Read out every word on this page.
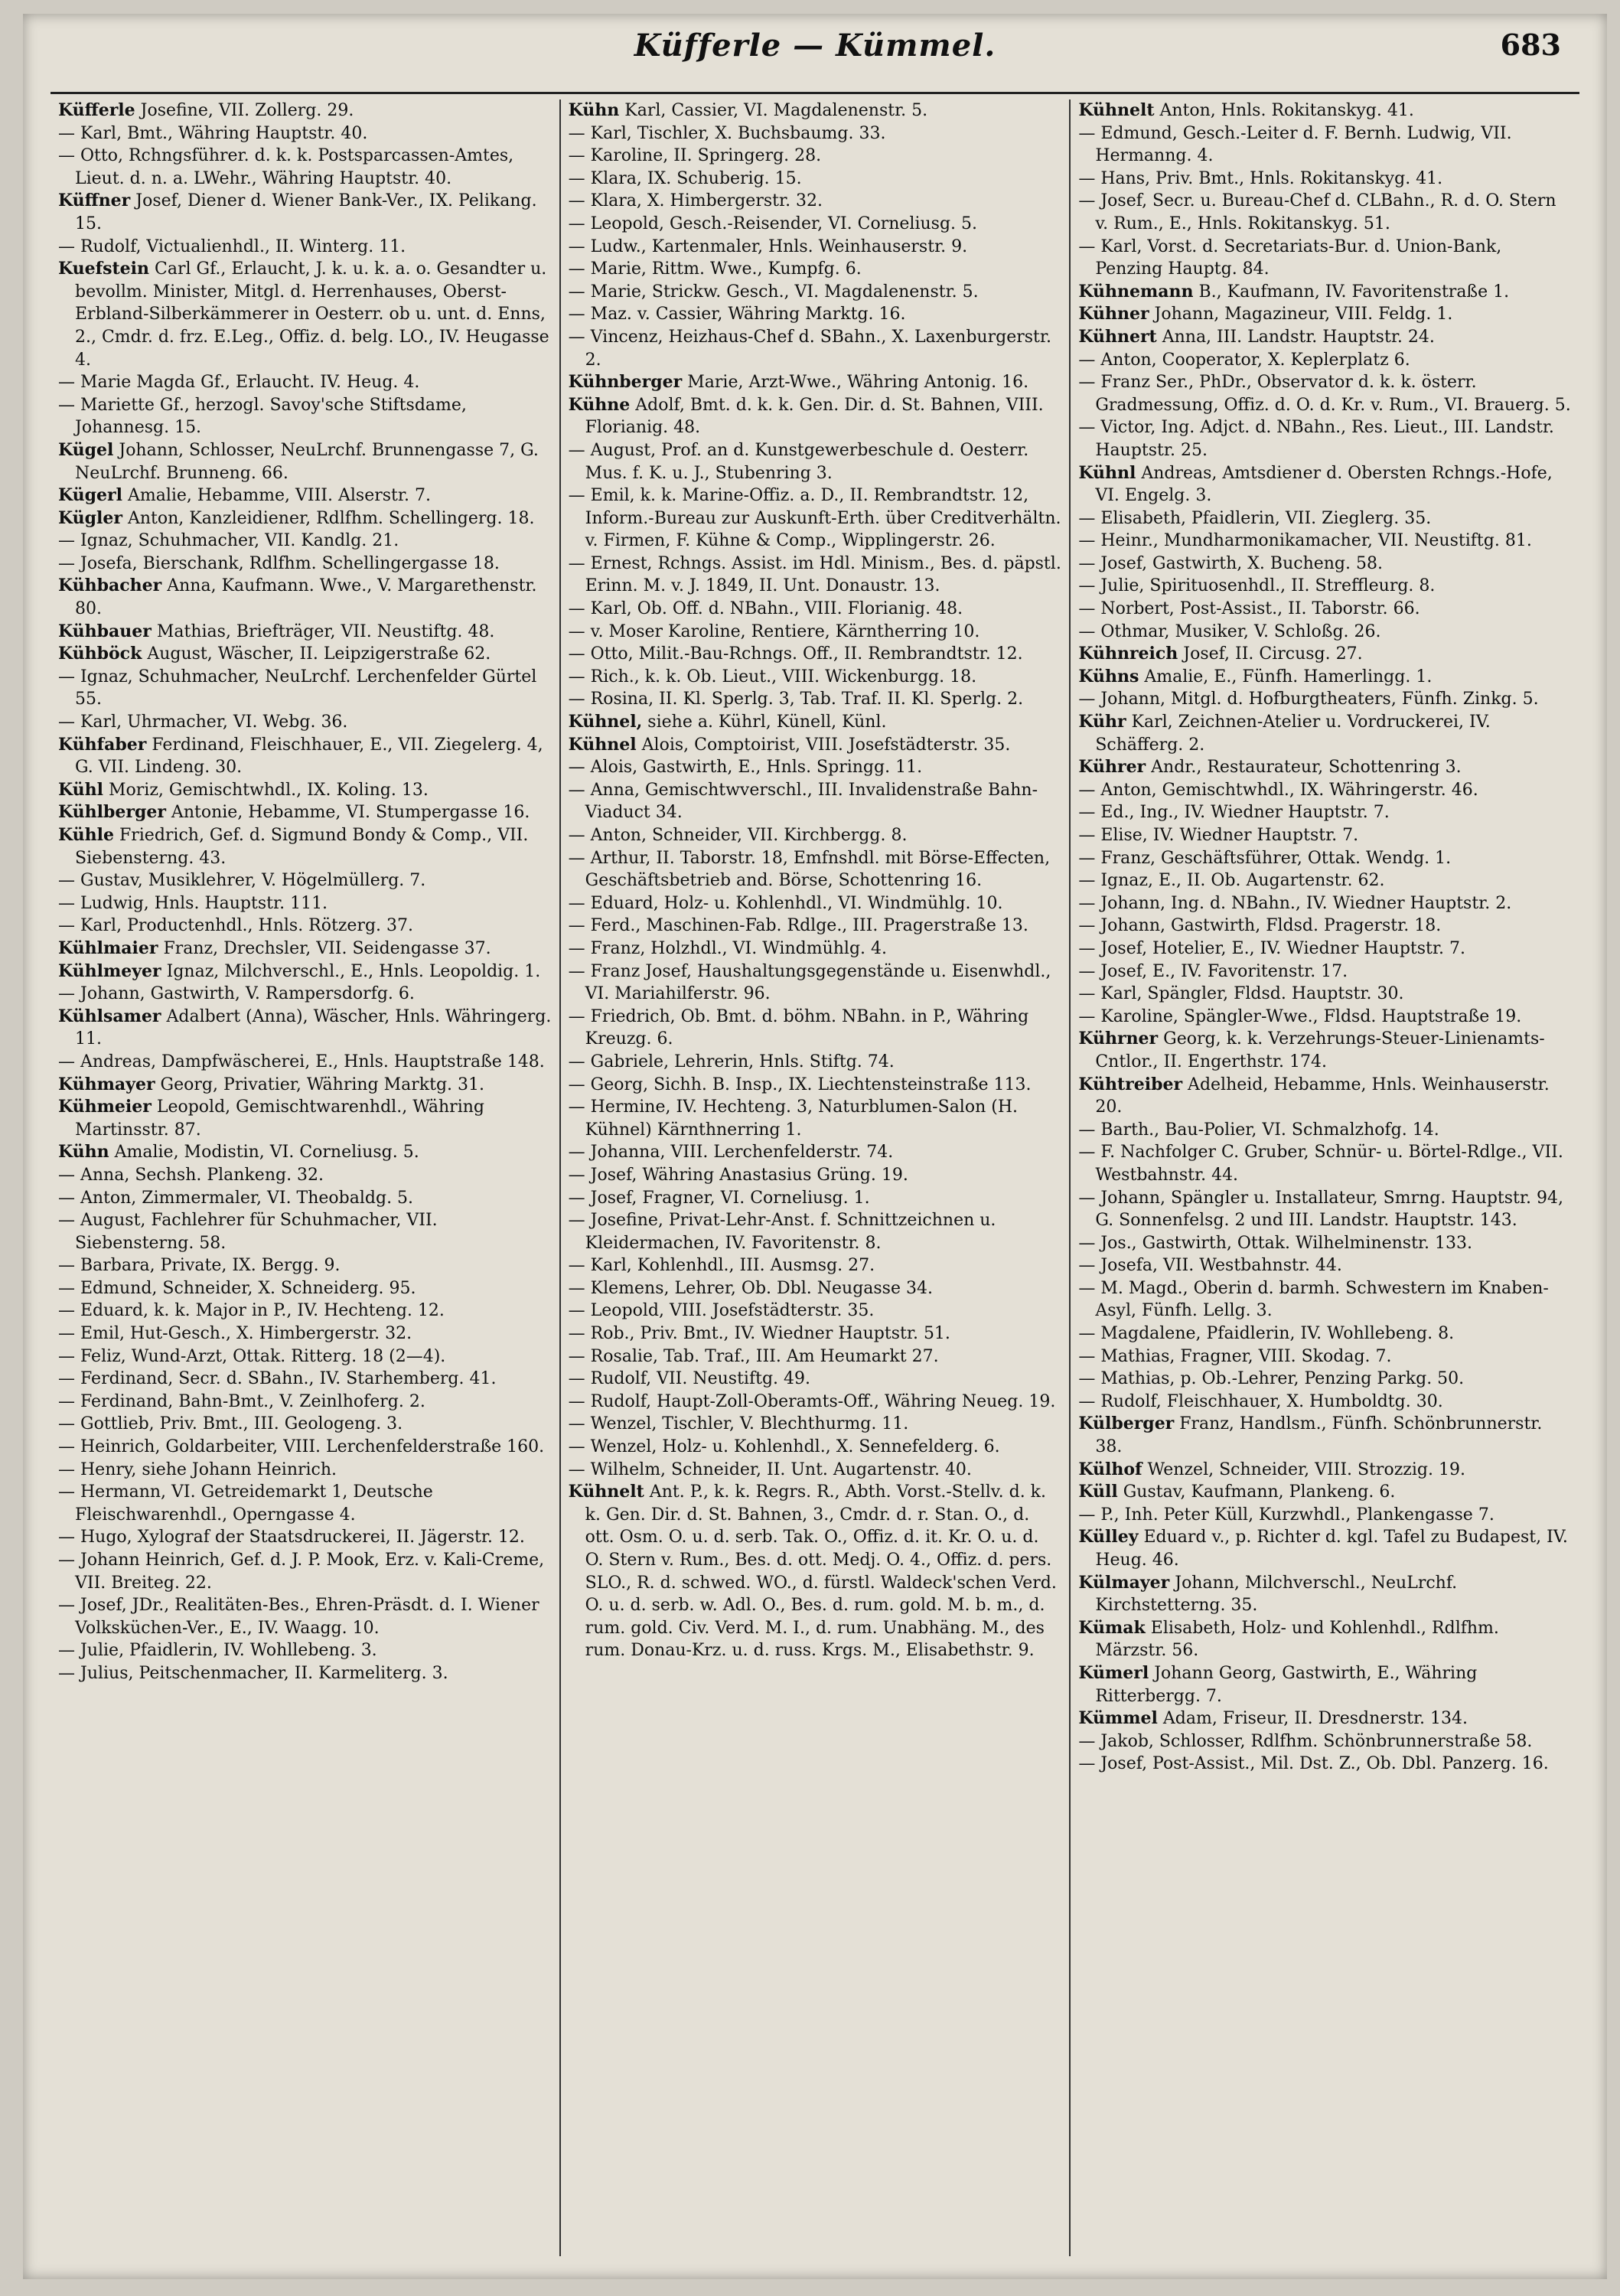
Küfferle — Kümmel.	683

Küfferle Josefine, VII. Zollerg. 29.

— Karl, Bmt., Währing Hauptstr. 40.

— Otto, Rchngsführer. d. k. k. Postsparcassen-Amtes, Lieut. d. n. a. LWehr., Währing Hauptstr. 40.

Küffner Josef, Diener d. Wiener Bank-Ver., IX. Pelikang. 15.

— Rudolf, Victualienhdl., II. Winterg. 11.

Kuefstein Carl Gf., Erlaucht, J. k. u. k. a. o. Gesandter u. bevollm. Minister, Mitgl. d. Herrenhauses, Oberst-Erbland-Silberkämmerer in Oesterr. ob u. unt. d. Enns, 2., Cmdr. d. frz. E.Leg., Offiz. d. belg. LO., IV. Heugasse 4.

— Marie Magda Gf., Erlaucht. IV. Heug. 4.

— Mariette Gf., herzogl. Savoy'sche Stiftsdame, Johannesg. 15.

Kügel Johann, Schlosser, NeuLrchf. Brunnengasse 7, G. NeuLrchf. Brunneng. 66.

Kügerl Amalie, Hebamme, VIII. Alserstr. 7.

Kügler Anton, Kanzleidiener, Rdlfhm. Schellingerg. 18.

— Ignaz, Schuhmacher, VII. Kandlg. 21.

— Josefa, Bierschank, Rdlfhm. Schellingergasse 18.

Kühbacher Anna, Kaufmann. Wwe., V. Margarethenstr. 80.

Kühbauer Mathias, Briefträger, VII. Neustiftg. 48.

Kühböck August, Wäscher, II. Leipzigerstraße 62.

— Ignaz, Schuhmacher, NeuLrchf. Lerchenfelder Gürtel 55.

— Karl, Uhrmacher, VI. Webg. 36.

Kühfaber Ferdinand, Fleischhauer, E., VII. Ziegelerg. 4, G. VII. Lindeng. 30.

Kühl Moriz, Gemischtwhdl., IX. Koling. 13.

Kühlberger Antonie, Hebamme, VI. Stumpergasse 16.

Kühle Friedrich, Gef. d. Sigmund Bondy & Comp., VII. Siebensterng. 43.

— Gustav, Musiklehrer, V. Högelmüllerg. 7.

— Ludwig, Hnls. Hauptstr. 111.

— Karl, Productenhdl., Hnls. Rötzerg. 37.

Kühlmaier Franz, Drechsler, VII. Seidengasse 37.

Kühlmeyer Ignaz, Milchverschl., E., Hnls. Leopoldig. 1.

— Johann, Gastwirth, V. Rampersdorfg. 6.

Kühlsamer Adalbert (Anna), Wäscher, Hnls. Währingerg. 11.

— Andreas, Dampfwäscherei, E., Hnls. Hauptstraße 148.

Kühmayer Georg, Privatier, Währing Marktg. 31.

Kühmeier Leopold, Gemischtwarenhdl., Währing Martinsstr. 87.

Kühn Amalie, Modistin, VI. Corneliusg. 5.

— Anna, Sechsh. Plankeng. 32.

— Anton, Zimmermaler, VI. Theobaldg. 5.

— August, Fachlehrer für Schuhmacher, VII. Siebensterng. 58.

— Barbara, Private, IX. Bergg. 9.

— Edmund, Schneider, X. Schneiderg. 95.

— Eduard, k. k. Major in P., IV. Hechteng. 12.

— Emil, Hut-Gesch., X. Himbergerstr. 32.

— Feliz, Wund-Arzt, Ottak. Ritterg. 18 (2—4).

— Ferdinand, Secr. d. SBahn., IV. Starhemberg. 41.

— Ferdinand, Bahn-Bmt., V. Zeinlhoferg. 2.

— Gottlieb, Priv. Bmt., III. Geologeng. 3.

— Heinrich, Goldarbeiter, VIII. Lerchenfelderstraße 160.

— Henry, siehe Johann Heinrich.

— Hermann, VI. Getreidemarkt 1, Deutsche Fleischwarenhdl., Operngasse 4.

— Hugo, Xylograf der Staatsdruckerei, II. Jägerstr. 12.

— Johann Heinrich, Gef. d. J. P. Mook, Erz. v. Kali-Creme, VII. Breiteg. 22.

— Josef, JDr., Realitäten-Bes., Ehren-Präsdt. d. I. Wiener Volksküchen-Ver., E., IV. Waagg. 10.

— Julie, Pfaidlerin, IV. Wohllebeng. 3.

— Julius, Peitschenmacher, II. Karmeliterg. 3.

Kühn Karl, Cassier, VI. Magdalenenstr. 5.

— Karl, Tischler, X. Buchsbaumg. 33.

— Karoline, II. Springerg. 28.

— Klara, IX. Schuberig. 15.

— Klara, X. Himbergerstr. 32.

— Leopold, Gesch.-Reisender, VI. Corneliusg. 5.

— Ludw., Kartenmaler, Hnls. Weinhauserstr. 9.

— Marie, Rittm. Wwe., Kumpfg. 6.

— Marie, Strickw. Gesch., VI. Magdalenenstr. 5.

— Maz. v. Cassier, Währing Marktg. 16.

— Vincenz, Heizhaus-Chef d. SBahn., X. Laxenburgerstr. 2.

Kühnberger Marie, Arzt-Wwe., Währing Antonig. 16.

Kühne Adolf, Bmt. d. k. k. Gen. Dir. d. St. Bahnen, VIII. Florianig. 48.

— August, Prof. an d. Kunstgewerbeschule d. Oesterr. Mus. f. K. u. J., Stubenring 3.

— Emil, k. k. Marine-Offiz. a. D., II. Rembrandtstr. 12, Inform.-Bureau zur Auskunft-Erth. über Creditverhältn. v. Firmen, F. Kühne & Comp., Wipplingerstr. 26.

— Ernest, Rchngs. Assist. im Hdl. Minism., Bes. d. päpstl. Erinn. M. v. J. 1849, II. Unt. Donaustr. 13.

— Karl, Ob. Off. d. NBahn., VIII. Florianig. 48.

— v. Moser Karoline, Rentiere, Kärntherring 10.

— Otto, Milit.-Bau-Rchngs. Off., II. Rembrandtstr. 12.

— Rich., k. k. Ob. Lieut., VIII. Wickenburgg. 18.

— Rosina, II. Kl. Sperlg. 3, Tab. Traf. II. Kl. Sperlg. 2.

Kühnel, siehe a. Kührl, Künell, Künl.

Kühnel Alois, Comptoirist, VIII. Josefstädterstr. 35.

— Alois, Gastwirth, E., Hnls. Springg. 11.

— Anna, Gemischtwverschl., III. Invalidenstraße Bahn-Viaduct 34.

— Anton, Schneider, VII. Kirchbergg. 8.

— Arthur, II. Taborstr. 18, Emfnshdl. mit Börse-Effecten, Geschäftsbetrieb and. Börse, Schottenring 16.

— Eduard, Holz- u. Kohlenhdl., VI. Windmühlg. 10.

— Ferd., Maschinen-Fab. Rdlge., III. Pragerstraße 13.

— Franz, Holzhdl., VI. Windmühlg. 4.

— Franz Josef, Haushaltungsgegenstände u. Eisenwhdl., VI. Mariahilferstr. 96.

— Friedrich, Ob. Bmt. d. böhm. NBahn. in P., Währing Kreuzg. 6.

— Gabriele, Lehrerin, Hnls. Stiftg. 74.

— Georg, Sichh. B. Insp., IX. Liechtensteinstraße 113.

— Hermine, IV. Hechteng. 3, Naturblumen-Salon (H. Kühnel) Kärnthnerring 1.

— Johanna, VIII. Lerchenfelderstr. 74.

— Josef, Währing Anastasius Grüng. 19.

— Josef, Fragner, VI. Corneliusg. 1.

— Josefine, Privat-Lehr-Anst. f. Schnittzeichnen u. Kleidermachen, IV. Favoritenstr. 8.

— Karl, Kohlenhdl., III. Ausmsg. 27.

— Klemens, Lehrer, Ob. Dbl. Neugasse 34.

— Leopold, VIII. Josefstädterstr. 35.

— Rob., Priv. Bmt., IV. Wiedner Hauptstr. 51.

— Rosalie, Tab. Traf., III. Am Heumarkt 27.

— Rudolf, VII. Neustiftg. 49.

— Rudolf, Haupt-Zoll-Oberamts-Off., Währing Neueg. 19.

— Wenzel, Tischler, V. Blechthurmg. 11.

— Wenzel, Holz- u. Kohlenhdl., X. Sennefelderg. 6.

— Wilhelm, Schneider, II. Unt. Augartenstr. 40.

Kühnelt Ant. P., k. k. Regrs. R., Abth. Vorst.-Stellv. d. k. k. Gen. Dir. d. St. Bahnen, 3., Cmdr. d. r. Stan. O., d. ott. Osm. O. u. d. serb. Tak. O., Offiz. d. it. Kr. O. u. d. O. Stern v. Rum., Bes. d. ott. Medj. O. 4., Offiz. d. pers. SLO., R. d. schwed. WO., d. fürstl. Waldeck'schen Verd. O. u. d. serb. w. Adl. O., Bes. d. rum. gold. M. b. m., d. rum. gold. Civ. Verd. M. I., d. rum. Unabhäng. M., des rum. Donau-Krz. u. d. russ. Krgs. M., Elisabethstr. 9.

Kühnelt Anton, Hnls. Rokitanskyg. 41.

— Edmund, Gesch.-Leiter d. F. Bernh. Ludwig, VII. Hermanng. 4.

— Hans, Priv. Bmt., Hnls. Rokitanskyg. 41.

— Josef, Secr. u. Bureau-Chef d. CLBahn., R. d. O. Stern v. Rum., E., Hnls. Rokitanskyg. 51.

— Karl, Vorst. d. Secretariats-Bur. d. Union-Bank, Penzing Hauptg. 84.

Kühnemann B., Kaufmann, IV. Favoritenstraße 1.

Kühner Johann, Magazineur, VIII. Feldg. 1.

Kühnert Anna, III. Landstr. Hauptstr. 24.

— Anton, Cooperator, X. Keplerplatz 6.

— Franz Ser., PhDr., Observator d. k. k. österr. Gradmessung, Offiz. d. O. d. Kr. v. Rum., VI. Brauerg. 5.

— Victor, Ing. Adjct. d. NBahn., Res. Lieut., III. Landstr. Hauptstr. 25.

Kühnl Andreas, Amtsdiener d. Obersten Rchngs.-Hofe, VI. Engelg. 3.

— Elisabeth, Pfaidlerin, VII. Zieglerg. 35.

— Heinr., Mundharmonikamacher, VII. Neustiftg. 81.

— Josef, Gastwirth, X. Bucheng. 58.

— Julie, Spirituosenhdl., II. Streffleurg. 8.

— Norbert, Post-Assist., II. Taborstr. 66.

— Othmar, Musiker, V. Schloßg. 26.

Kühnreich Josef, II. Circusg. 27.

Kühns Amalie, E., Fünfh. Hamerlingg. 1.

— Johann, Mitgl. d. Hofburgtheaters, Fünfh. Zinkg. 5.

Kühr Karl, Zeichnen-Atelier u. Vordruckerei, IV. Schäfferg. 2.

Kührer Andr., Restaurateur, Schottenring 3.

— Anton, Gemischtwhdl., IX. Währingerstr. 46.

— Ed., Ing., IV. Wiedner Hauptstr. 7.

— Elise, IV. Wiedner Hauptstr. 7.

— Franz, Geschäftsführer, Ottak. Wendg. 1.

— Ignaz, E., II. Ob. Augartenstr. 62.

— Johann, Ing. d. NBahn., IV. Wiedner Hauptstr. 2.

— Johann, Gastwirth, Fldsd. Pragerstr. 18.

— Josef, Hotelier, E., IV. Wiedner Hauptstr. 7.

— Josef, E., IV. Favoritenstr. 17.

— Karl, Spängler, Fldsd. Hauptstr. 30.

— Karoline, Spängler-Wwe., Fldsd. Hauptstraße 19.

Kührner Georg, k. k. Verzehrungs-Steuer-Linienamts-Cntlor., II. Engerthstr. 174.

Kühtreiber Adelheid, Hebamme, Hnls. Weinhauserstr. 20.

— Barth., Bau-Polier, VI. Schmalzhofg. 14.

— F. Nachfolger C. Gruber, Schnür- u. Börtel-Rdlge., VII. Westbahnstr. 44.

— Johann, Spängler u. Installateur, Smrng. Hauptstr. 94, G. Sonnenfelsg. 2 und III. Landstr. Hauptstr. 143.

— Jos., Gastwirth, Ottak. Wilhelminenstr. 133.

— Josefa, VII. Westbahnstr. 44.

— M. Magd., Oberin d. barmh. Schwestern im Knaben-Asyl, Fünfh. Lellg. 3.

— Magdalene, Pfaidlerin, IV. Wohllebeng. 8.

— Mathias, Fragner, VIII. Skodag. 7.

— Mathias, p. Ob.-Lehrer, Penzing Parkg. 50.

— Rudolf, Fleischhauer, X. Humboldtg. 30.

Külberger Franz, Handlsm., Fünfh. Schönbrunnerstr. 38.

Külhof Wenzel, Schneider, VIII. Strozzig. 19.

Küll Gustav, Kaufmann, Plankeng. 6.

— P., Inh. Peter Küll, Kurzwhdl., Plankengasse 7.

Külley Eduard v., p. Richter d. kgl. Tafel zu Budapest, IV. Heug. 46.

Külmayer Johann, Milchverschl., NeuLrchf. Kirchstetterng. 35.

Kümak Elisabeth, Holz- und Kohlenhdl., Rdlfhm. Märzstr. 56.

Kümerl Johann Georg, Gastwirth, E., Währing Ritterbergg. 7.

Kümmel Adam, Friseur, II. Dresdnerstr. 134.

— Jakob, Schlosser, Rdlfhm. Schönbrunnerstraße 58.

— Josef, Post-Assist., Mil. Dst. Z., Ob. Dbl. Panzerg. 16.
